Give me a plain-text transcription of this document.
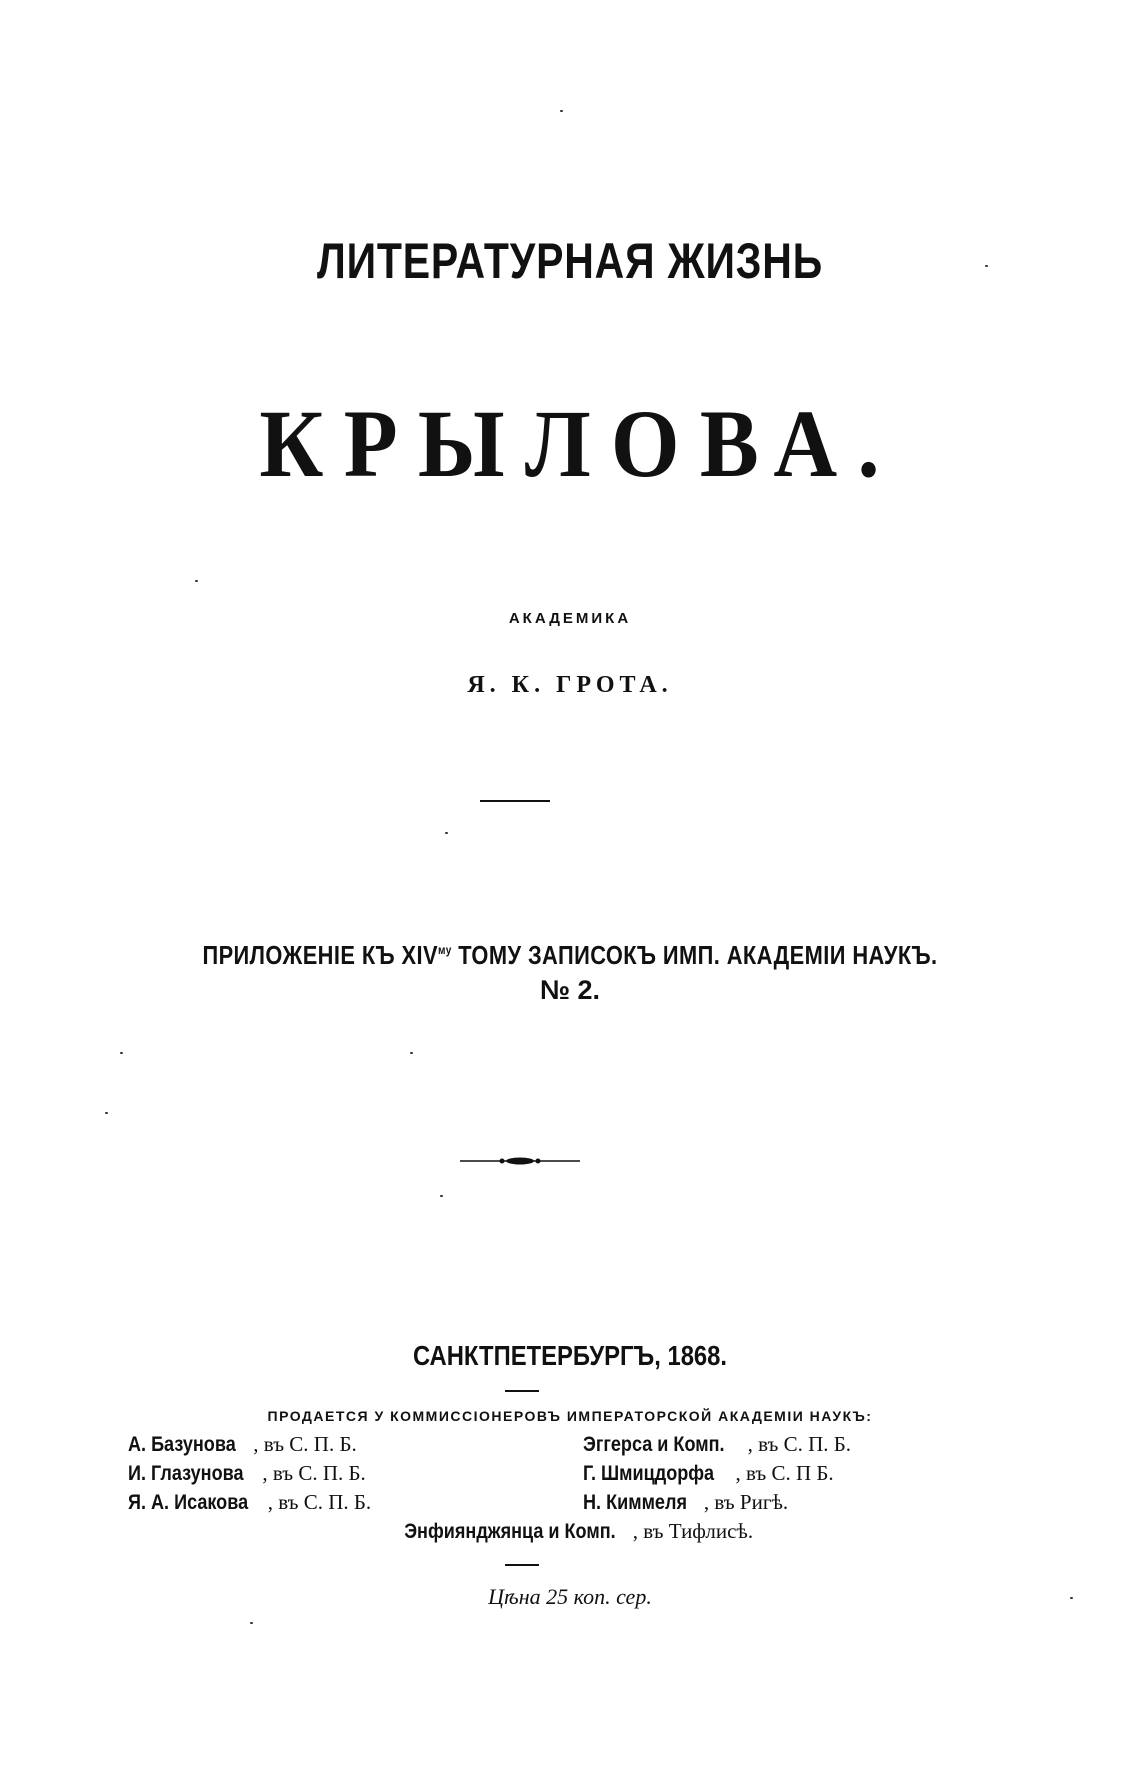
ЛИТЕРАТУРНАЯ ЖИЗНЬ
КРЫЛОВА.
АКАДЕМИКА
Я. К. ГРОТА.
ПРИЛОЖЕНІЕ КЪ $XIV^{му}$ ТОМУ ЗАПИСОКЪ ИМП. АКАДЕМІИ НАУКЪ.
№ 2.
САНКТПЕТЕРБУРГЪ, 1868.
ПРОДАЕТСЯ У КОММИССІОНЕРОВЪ ИМПЕРАТОРСКОЙ АКАДЕМІИ НАУКЪ:
А. Базунова , въ С. П. Б.	Эггерса и Комп. , въ С. П. Б.
И. Глазунова , въ С. П. Б.	Г. Шмицдорфа , въ С. П Б.
Я. А. Исакова , въ С. П. Б.	Н. Киммеля , въ Ригѣ.
Энфиянджянца и Комп. , въ Тифлисѣ.
Цѣна 25 коп. сер.
